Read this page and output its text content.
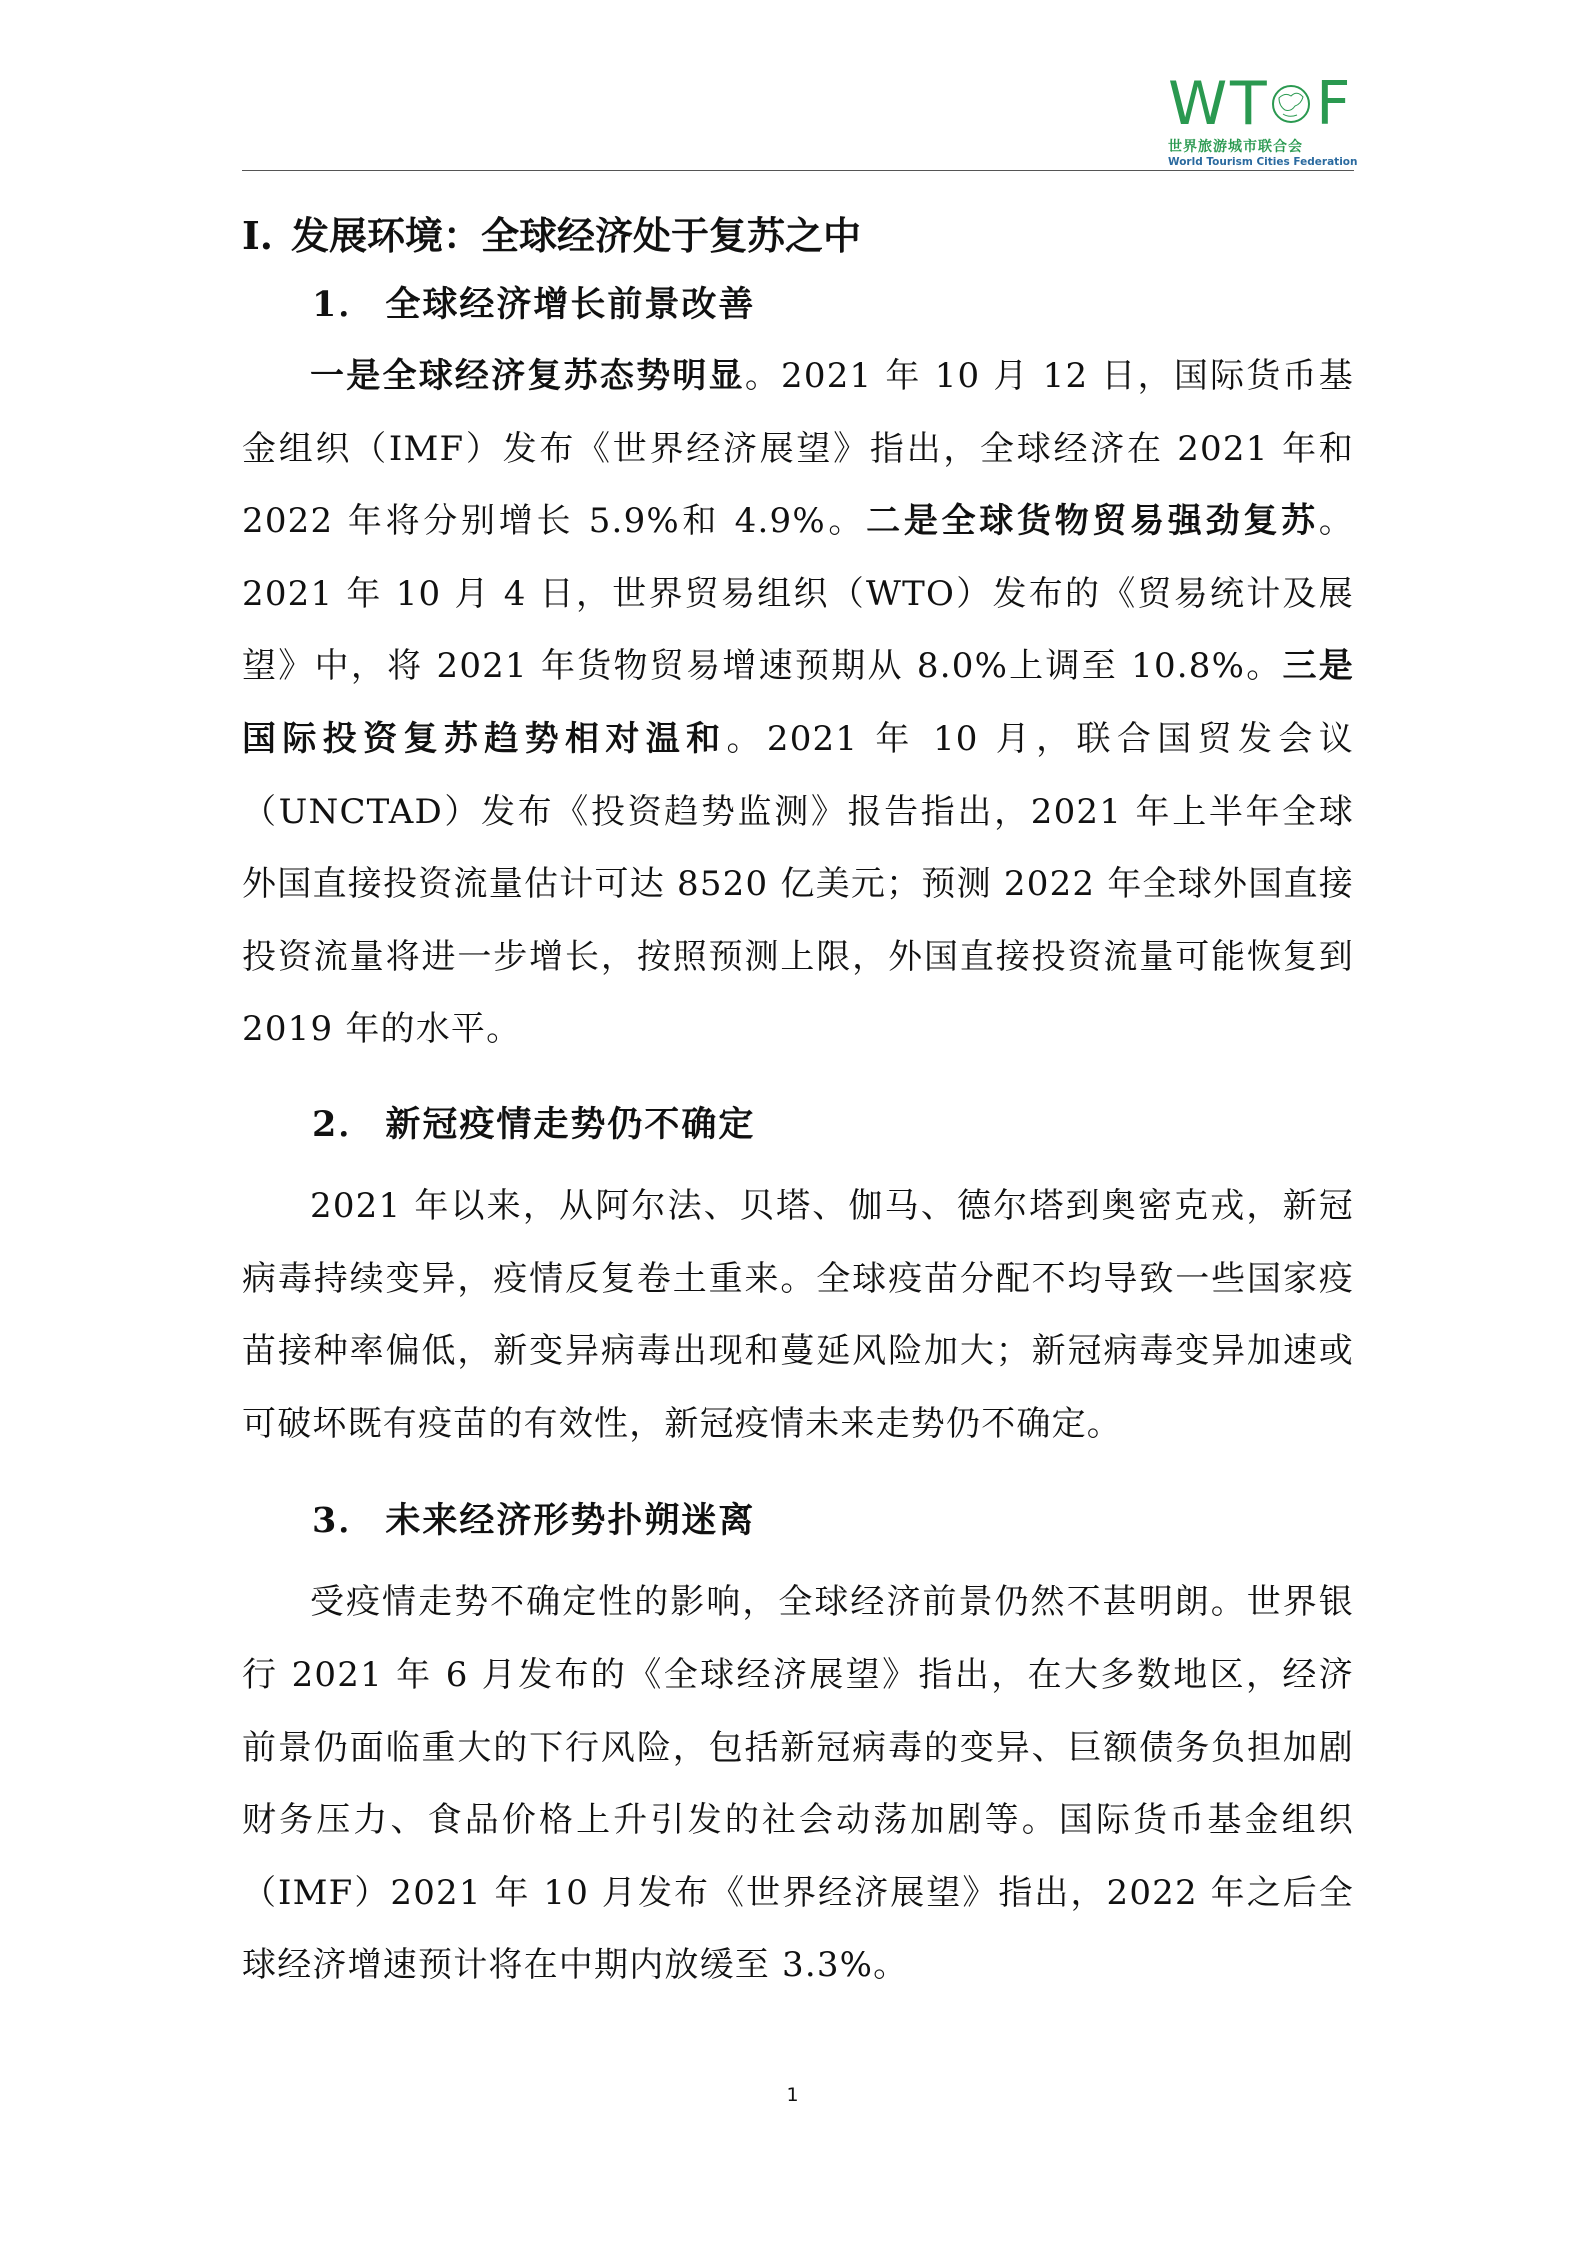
W T F
世界旅游城市联合会
World Tourism Cities Federation
I. 发展环境：全球经济处于复苏之中
1． 全球经济增长前景改善

一是全球经济复苏态势明显。2021 年 10 月 12 日，国际货币基金组织（IMF）发布《世界经济展望》指出，全球经济在 2021 年和 2022 年将分别增长 5.9%和 4.9%。二是全球货物贸易强劲复苏。2021 年 10 月 4 日，世界贸易组织（WTO）发布的《贸易统计及展望》中，将 2021 年货物贸易增速预期从 8.0%上调至 10.8%。三是国际投资复苏趋势相对温和。2021 年 10 月，联合国贸发会议（UNCTAD）发布《投资趋势监测》报告指出，2021 年上半年全球外国直接投资流量估计可达 8520 亿美元；预测 2022 年全球外国直接投资流量将进一步增长，按照预测上限，外国直接投资流量可能恢复到 2019 年的水平。

2． 新冠疫情走势仍不确定

2021 年以来，从阿尔法、贝塔、伽马、德尔塔到奥密克戎，新冠病毒持续变异，疫情反复卷土重来。全球疫苗分配不均导致一些国家疫苗接种率偏低，新变异病毒出现和蔓延风险加大；新冠病毒变异加速或可破坏既有疫苗的有效性，新冠疫情未来走势仍不确定。

3． 未来经济形势扑朔迷离

受疫情走势不确定性的影响，全球经济前景仍然不甚明朗。世界银行 2021 年 6 月发布的《全球经济展望》指出，在大多数地区，经济前景仍面临重大的下行风险，包括新冠病毒的变异、巨额债务负担加剧财务压力、食品价格上升引发的社会动荡加剧等。国际货币基金组织（IMF）2021 年 10 月发布《世界经济展望》指出，2022 年之后全球经济增速预计将在中期内放缓至 3.3%。

1
